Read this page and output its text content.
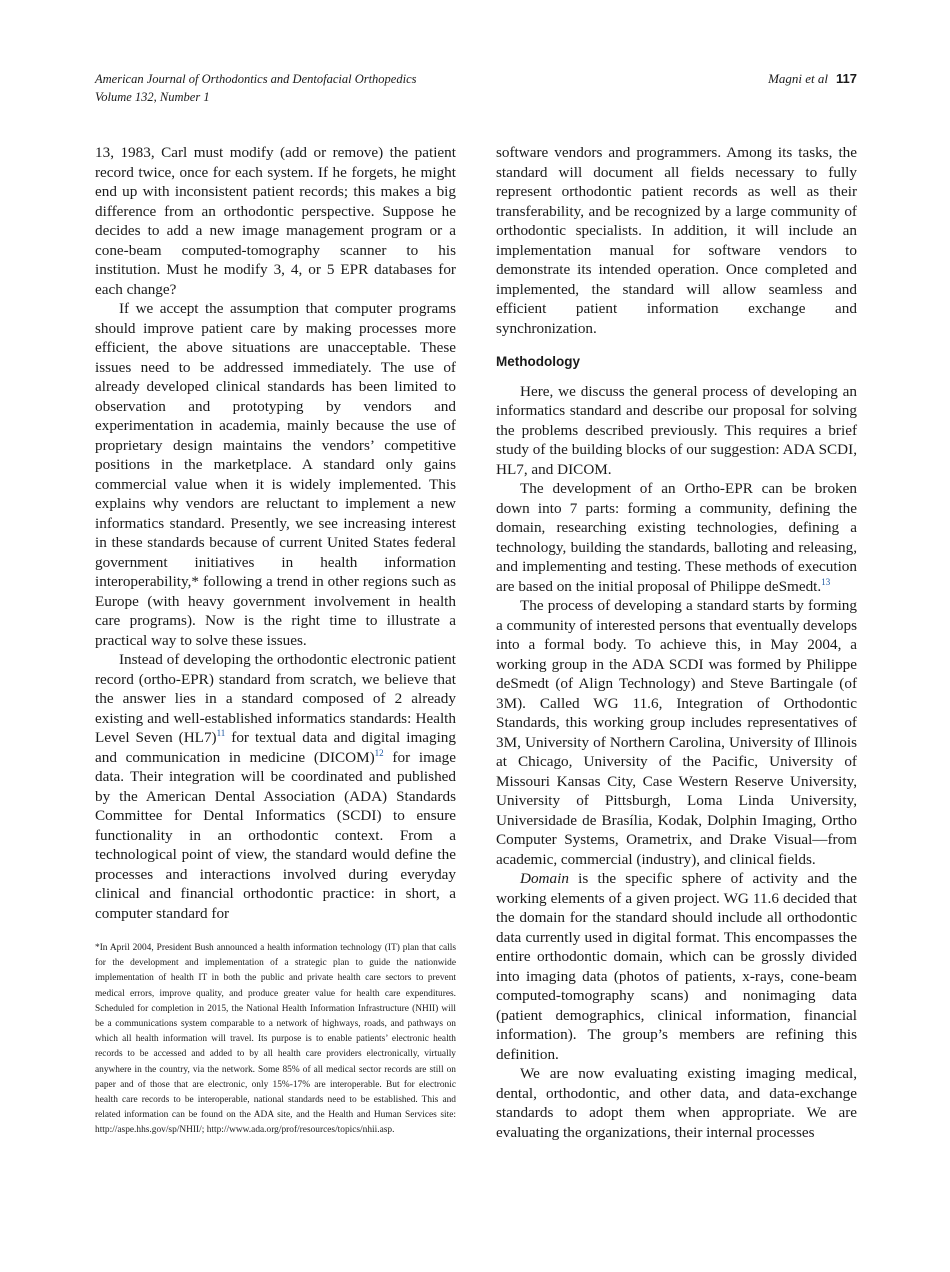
American Journal of Orthodontics and Dentofacial Orthopedics
Volume 132, Number 1
Magni et al 117

13, 1983, Carl must modify (add or remove) the patient record twice, once for each system. If he forgets, he might end up with inconsistent patient records; this makes a big difference from an orthodontic perspective. Suppose he decides to add a new image management program or a cone-beam computed-tomography scanner to his institution. Must he modify 3, 4, or 5 EPR databases for each change?

If we accept the assumption that computer programs should improve patient care by making processes more efficient, the above situations are unacceptable. These issues need to be addressed immediately. The use of already developed clinical standards has been limited to observation and prototyping by vendors and experimentation in academia, mainly because the use of proprietary design maintains the vendors’ competitive positions in the marketplace. A standard only gains commercial value when it is widely implemented. This explains why vendors are reluctant to implement a new informatics standard. Presently, we see increasing interest in these standards because of current United States federal government initiatives in health information interoperability,* following a trend in other regions such as Europe (with heavy government involvement in health care programs). Now is the right time to illustrate a practical way to solve these issues.

Instead of developing the orthodontic electronic patient record (ortho-EPR) standard from scratch, we believe that the answer lies in a standard composed of 2 already existing and well-established informatics standards: Health Level Seven $(HL7)^{11}$ for textual data and digital imaging and communication in medicine (DICOM)$^{12}$ for image data. Their integration will be coordinated and published by the American Dental Association (ADA) Standards Committee for Dental Informatics (SCDI) to ensure functionality in an orthodontic context. From a technological point of view, the standard would define the processes and interactions involved during everyday clinical and financial orthodontic practice: in short, a computer standard for

*In April 2004, President Bush announced a health information technology (IT) plan that calls for the development and implementation of a strategic plan to guide the nationwide implementation of health IT in both the public and private health care sectors to prevent medical errors, improve quality, and produce greater value for health care expenditures. Scheduled for completion in 2015, the National Health Information Infrastructure (NHII) will be a communications system comparable to a network of highways, roads, and pathways on which all health information will travel. Its purpose is to enable patients’ electronic health records to be accessed and added to by all health care providers electronically, virtually anywhere in the country, via the network. Some 85% of all medical sector records are still on paper and of those that are electronic, only 15%-17% are interoperable. But for electronic health care records to be interoperable, national standards need to be established. This and related information can be found on the ADA site, and the Health and Human Services site: http://aspe.hhs.gov/sp/NHII/; http://www.ada.org/prof/resources/topics/nhii.asp.

software vendors and programmers. Among its tasks, the standard will document all fields necessary to fully represent orthodontic patient records as well as their transferability, and be recognized by a large community of orthodontic specialists. In addition, it will include an implementation manual for software vendors to demonstrate its intended operation. Once completed and implemented, the standard will allow seamless and efficient patient information exchange and synchronization.

Methodology

Here, we discuss the general process of developing an informatics standard and describe our proposal for solving the problems described previously. This requires a brief study of the building blocks of our suggestion: ADA SCDI, HL7, and DICOM.

The development of an Ortho-EPR can be broken down into 7 parts: forming a community, defining the domain, researching existing technologies, defining a technology, building the standards, balloting and releasing, and implementing and testing. These methods of execution are based on the initial proposal of Philippe deSmedt.$^{13}$

The process of developing a standard starts by forming a community of interested persons that eventually develops into a formal body. To achieve this, in May 2004, a working group in the ADA SCDI was formed by Philippe deSmedt (of Align Technology) and Steve Bartingale (of 3M). Called WG 11.6, Integration of Orthodontic Standards, this working group includes representatives of 3M, University of Northern Carolina, University of Illinois at Chicago, University of the Pacific, University of Missouri Kansas City, Case Western Reserve University, University of Pittsburgh, Loma Linda University, Universidade de Brasília, Kodak, Dolphin Imaging, Ortho Computer Systems, Orametrix, and Drake Visual—from academic, commercial (industry), and clinical fields.

Domain is the specific sphere of activity and the working elements of a given project. WG 11.6 decided that the domain for the standard should include all orthodontic data currently used in digital format. This encompasses the entire orthodontic domain, which can be grossly divided into imaging data (photos of patients, x-rays, cone-beam computed-tomography scans) and nonimaging data (patient demographics, clinical information, financial information). The group’s members are refining this definition.

We are now evaluating existing imaging medical, dental, orthodontic, and other data, and data-exchange standards to adopt them when appropriate. We are evaluating the organizations, their internal processes
